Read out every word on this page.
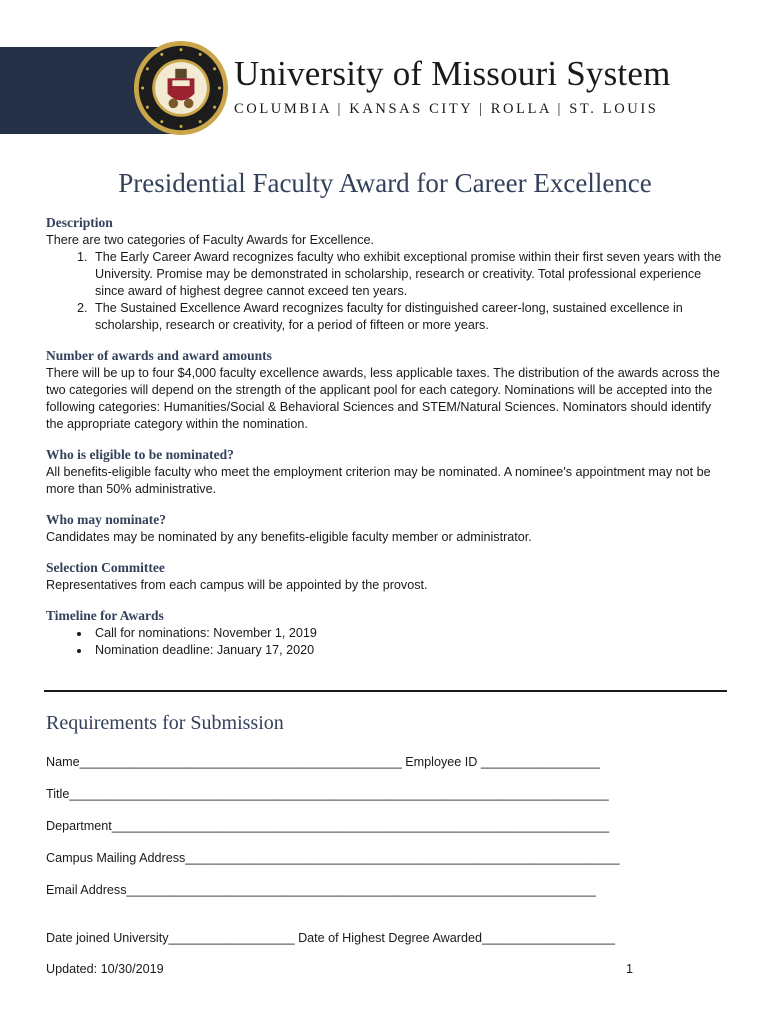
University of Missouri System
COLUMBIA | KANSAS CITY | ROLLA | ST. LOUIS
Presidential Faculty Award for Career Excellence

Description

There are two categories of Faculty Awards for Excellence.

1. The Early Career Award recognizes faculty who exhibit exceptional promise within their first seven years with the University. Promise may be demonstrated in scholarship, research or creativity. Total professional experience since award of highest degree cannot exceed ten years.
2. The Sustained Excellence Award recognizes faculty for distinguished career-long, sustained excellence in scholarship, research or creativity, for a period of fifteen or more years.

Number of awards and award amounts

There will be up to four $4,000 faculty excellence awards, less applicable taxes. The distribution of the awards across the two categories will depend on the strength of the applicant pool for each category. Nominations will be accepted into the following categories: Humanities/Social & Behavioral Sciences and STEM/Natural Sciences. Nominators should identify the appropriate category within the nomination.

Who is eligible to be nominated?

All benefits-eligible faculty who meet the employment criterion may be nominated. A nominee's appointment may not be more than 50% administrative.

Who may nominate?

Candidates may be nominated by any benefits-eligible faculty member or administrator.

Selection Committee

Representatives from each campus will be appointed by the provost.

Timeline for Awards

• Call for nominations: November 1, 2019
• Nomination deadline: January 17, 2020
Requirements for Submission
Name______________________________________________ Employee ID _________________
Title_____________________________________________________________________________
Department_______________________________________________________________________
Campus Mailing Address______________________________________________________________
Email Address___________________________________________________________________
Date joined University__________________ Date of Highest Degree Awarded___________________
Updated: 10/30/2019	1
